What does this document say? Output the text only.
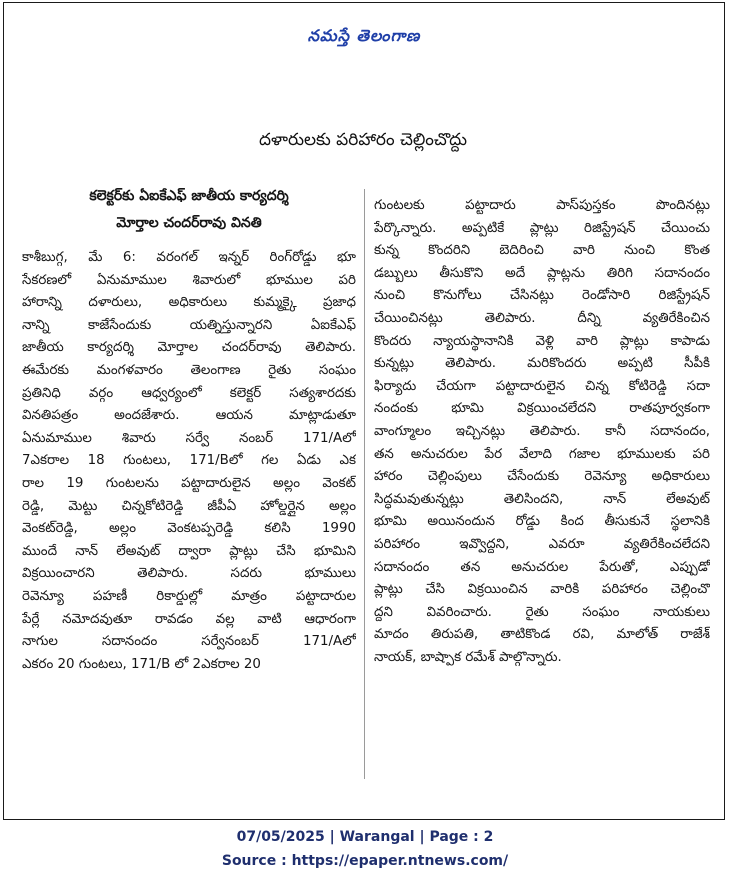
నమస్తే తెలంగాణ
దళారులకు పరిహారం చెల్లించొద్దు
కలెక్టర్‌కు ఏఐకేఎఫ్ జాతీయ కార్యదర్శి
మోర్తాల చందర్‌రావు వినతి
కాశీబుగ్గ, మే 6: వరంగల్ ఇన్నర్ రింగ్‌రోడ్డు భూ
సేకరణలో ఏనుమాముల శివారులో భూముల పరి
హారాన్ని దళారులు, అధికారులు కుమ్మక్కై ప్రజాధ
నాన్ని కాజేసేందుకు యత్నిస్తున్నారని ఏఐకేఎఫ్
జాతీయ కార్యదర్శి మోర్తాల చందర్‌రావు తెలిపారు.
ఈమేరకు మంగళవారం తెలంగాణ రైతు సంఘం
ప్రతినిధి వర్గం ఆధ్వర్యంలో కలెక్టర్ సత్యశారదకు
వినతిపత్రం అందజేశారు. ఆయన మాట్లాడుతూ
ఏనుమాముల శివారు సర్వే నంబర్ 171/Aలో
7ఎకరాల 18 గుంటలు, 171/Bలో గల ఏడు ఎక
రాల 19 గుంటలను పట్టాదారులైన అల్లం వెంకట్
రెడ్డి, మెట్టు చిన్నకోటిరెడ్డి జీపీఏ హోల్డర్లైన అల్లం
వెంకట్‌రెడ్డి, అల్లం వెంకటప్పరెడ్డి కలిసి 1990
ముందే నాన్ లేఅవుట్ ద్వారా ప్లాట్లు చేసి భూమిని
విక్రయించారని తెలిపారు. సదరు భూములు
రెవెన్యూ పహణీ రికార్డుల్లో మాత్రం పట్టాదారుల
పేర్లే నమోదవుతూ రావడం వల్ల వాటి ఆధారంగా
నాగుల సదానందం సర్వేనంబర్ 171/Aలో
ఎకరం 20 గుంటలు, 171/B లో 2ఎకరాల 20
గుంటలకు పట్టాదారు పాస్‌పుస్తకం పొందినట్లు
పేర్కొన్నారు. అప్పటికే ప్లాట్లు రిజిస్ట్రేషన్ చేయించు
కున్న కొందరిని బెదిరించి వారి నుంచి కొంత
డబ్బులు తీసుకొని అదే ప్లాట్లను తిరిగి సదానందం
నుంచి కొనుగోలు చేసినట్లు రెండోసారి రిజిస్ట్రేషన్
చేయించినట్లు తెలిపారు. దీన్ని వ్యతిరేకించిన
కొందరు న్యాయస్థానానికి వెళ్లి వారి ప్లాట్లు కాపాడు
కున్నట్లు తెలిపారు. మరికొందరు అప్పటి సీపీకి
ఫిర్యాదు చేయగా పట్టాదారులైన చిన్న కోటిరెడ్డి సదా
నందంకు భూమి విక్రయించలేదని రాతపూర్వకంగా
వాంగ్మూలం ఇచ్చినట్లు తెలిపారు. కానీ సదానందం,
తన అనుచరుల పేర వేలాది గజాల భూములకు పరి
హారం చెల్లింపులు చేసేందుకు రెవెన్యూ అధికారులు
సిద్ధమవుతున్నట్లు తెలిసిందని, నాన్ లేఅవుట్
భూమి అయినందున రోడ్డు కింద తీసుకునే స్థలానికి
పరిహారం ఇవ్వొద్దని, ఎవరూ వ్యతిరేకించలేదని
సదానందం తన అనుచరుల పేరుతో, ఎప్పుడో
ప్లాట్లు చేసి విక్రయించిన వారికి పరిహారం చెల్లించొ
ద్దని వివరించారు. రైతు సంఘం నాయకులు
మాదం తిరుపతి, తాటికొండ రవి, మాలోత్ రాజేశ్
నాయక్, బాష్పాక రమేశ్ పాల్గొన్నారు.
07/05/2025 | Warangal | Page : 2
Source : https://epaper.ntnews.com/
